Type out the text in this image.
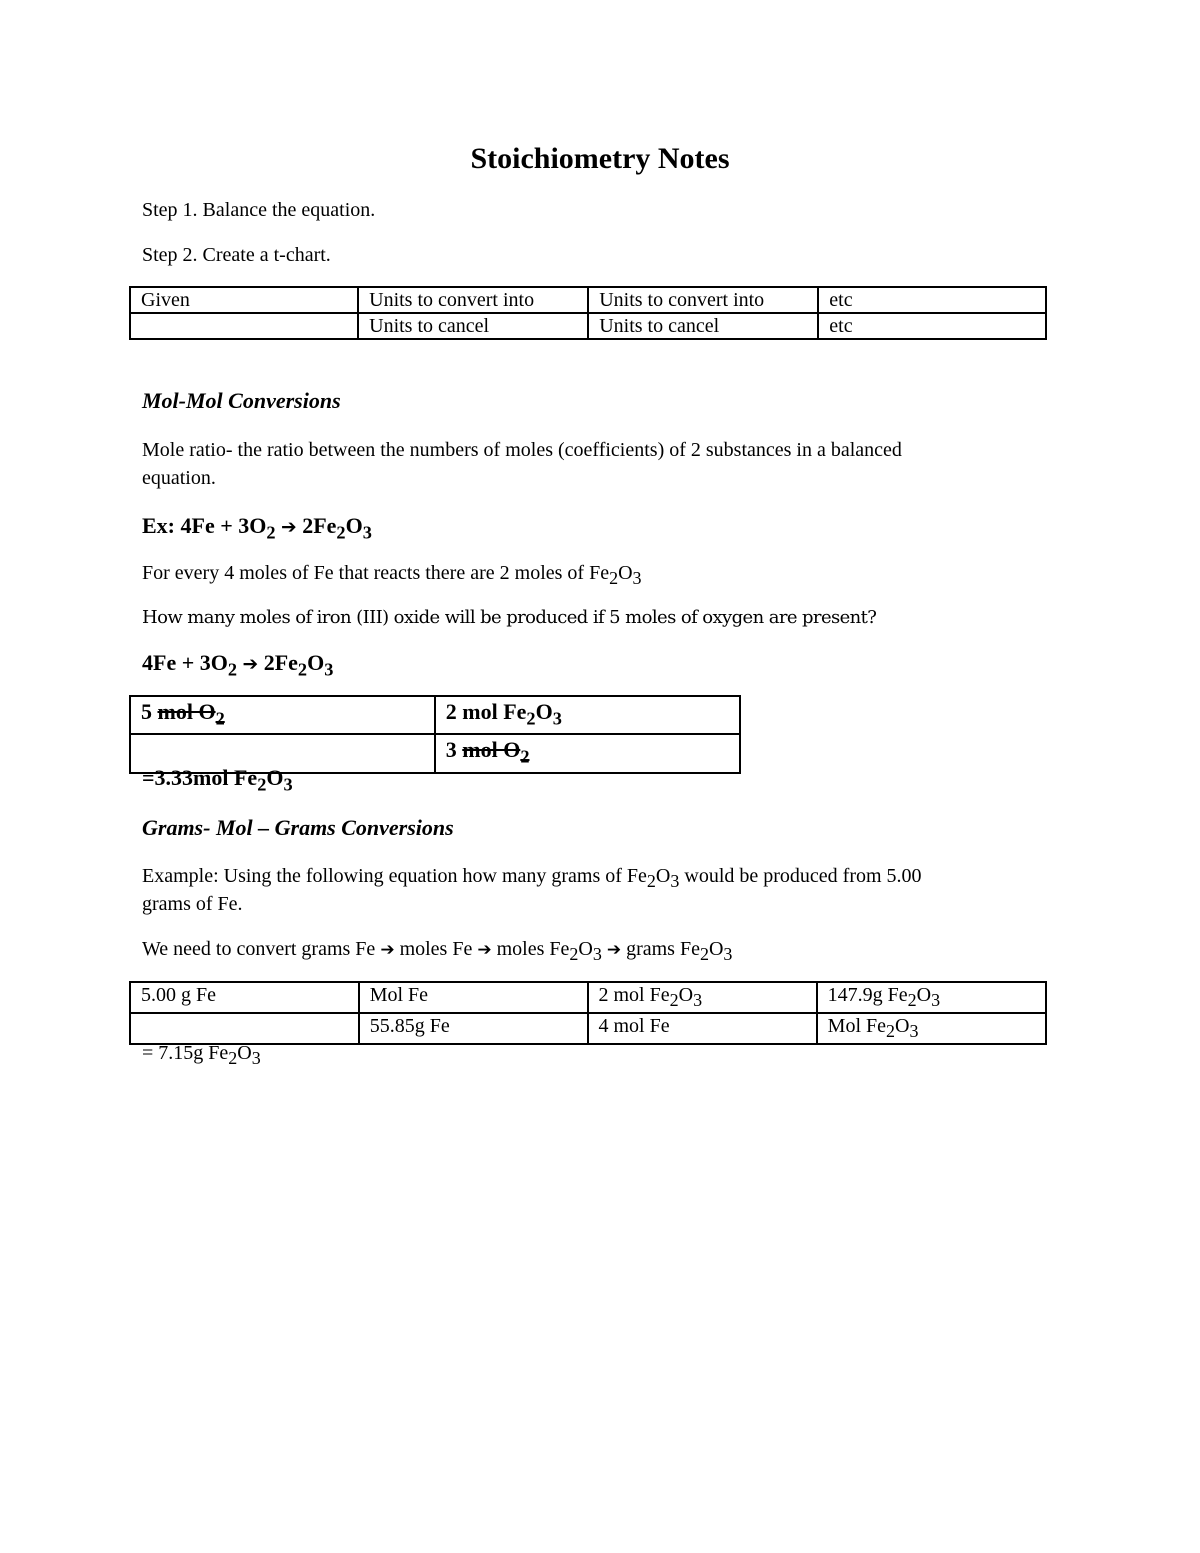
Stoichiometry Notes
Step 1. Balance the equation.
Step 2. Create a t-chart.
Given	Units to convert into	Units to convert into	etc
	Units to cancel	Units to cancel	etc
Mol-Mol Conversions
Mole ratio- the ratio between the numbers of moles (coefficients) of 2 substances in a balanced
equation.
Ex: $4Fe + 3O_2$ ➔ $2Fe_2O_3$
For every 4 moles of Fe that reacts there are 2 moles of $Fe_2O_3$
How many moles of iron (III) oxide will be produced if 5 moles of oxygen are present?
$4Fe + 3O_2$ ➔ $2Fe_2O_3$
5 mol $O_2$	2 mol $Fe_2O_3$
	3 mol $O_2$
=3.33mol $Fe_2O_3$
Grams- Mol – Grams Conversions
Example: Using the following equation how many grams of $Fe_2O_3$ would be produced from 5.00
grams of Fe.
We need to convert grams Fe ➔ moles Fe ➔ moles $Fe_2O_3$ ➔ grams $Fe_2O_3$
5.00 g Fe	Mol Fe	2 mol $Fe_2O_3$	147.9g $Fe_2O_3$
	55.85g Fe	4 mol Fe	Mol $Fe_2O_3$
= 7.15g $Fe_2O_3$
